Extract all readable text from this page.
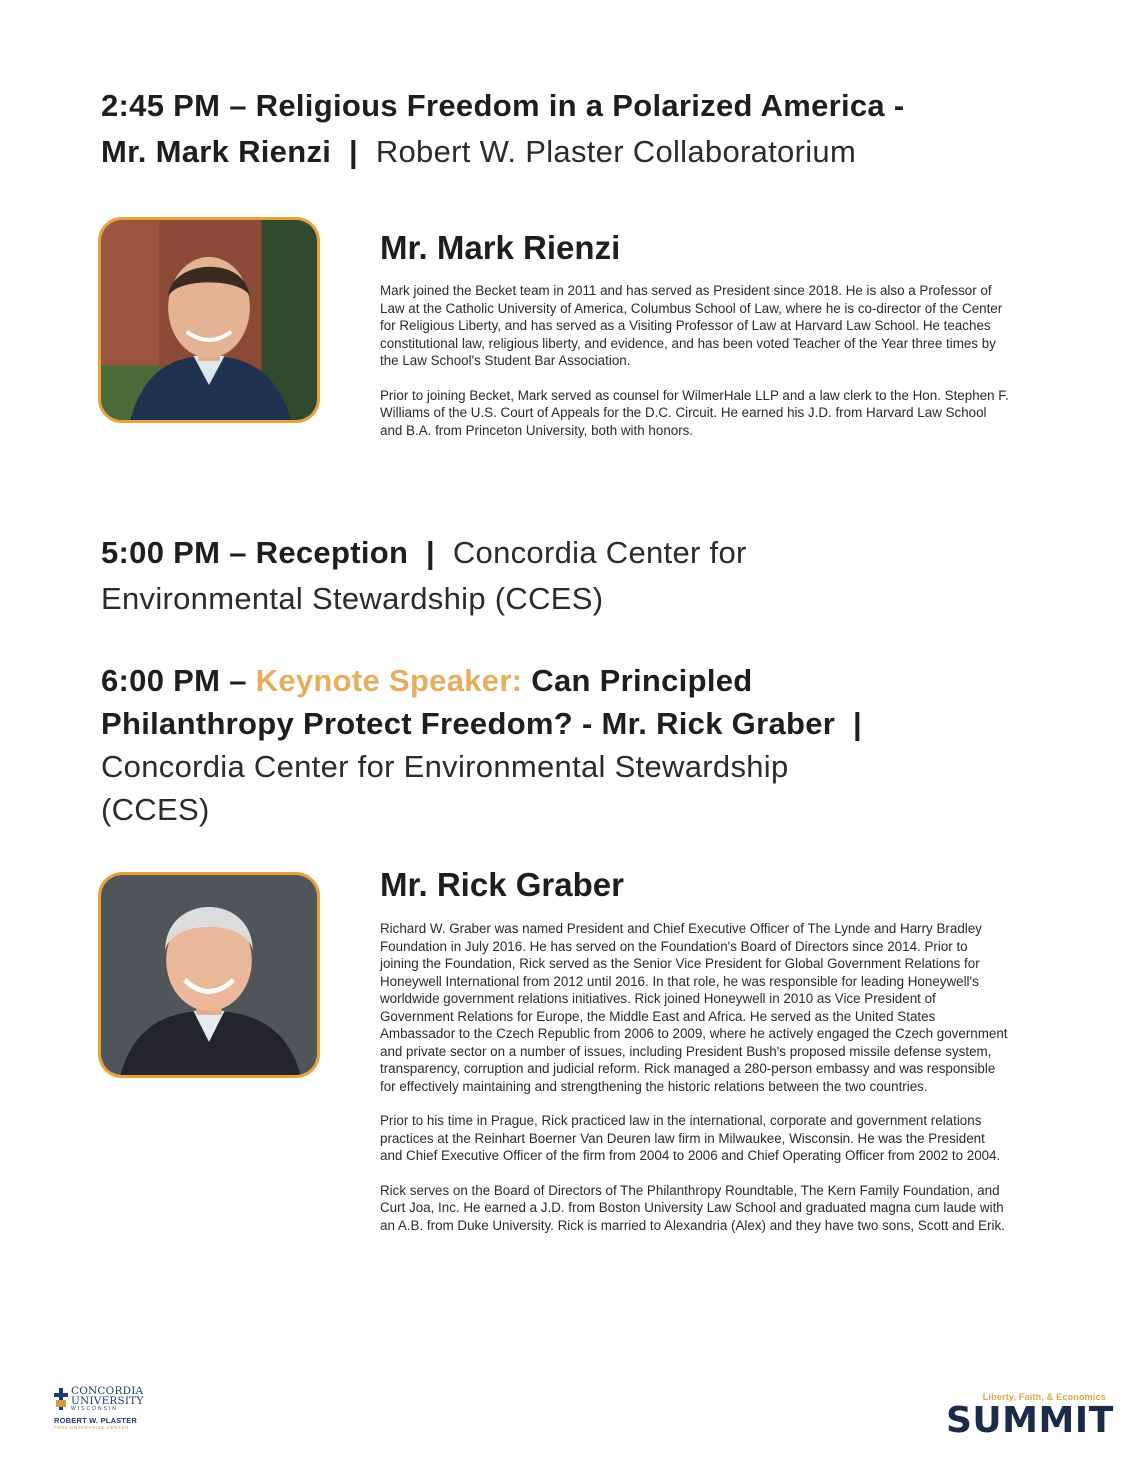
2:45 PM – Religious Freedom in a Polarized America -
Mr. Mark Rienzi | Robert W. Plaster Collaboratorium
Mr. Mark Rienzi

Mark joined the Becket team in 2011 and has served as President since 2018. He is also a Professor of Law at the Catholic University of America, Columbus School of Law, where he is co-director of the Center for Religious Liberty, and has served as a Visiting Professor of Law at Harvard Law School. He teaches constitutional law, religious liberty, and evidence, and has been voted Teacher of the Year three times by the Law School's Student Bar Association.

Prior to joining Becket, Mark served as counsel for WilmerHale LLP and a law clerk to the Hon. Stephen F. Williams of the U.S. Court of Appeals for the D.C. Circuit. He earned his J.D. from Harvard Law School and B.A. from Princeton University, both with honors.

5:00 PM – Reception | Concordia Center for
Environmental Stewardship (CCES)
6:00 PM – Keynote Speaker: Can Principled
Philanthropy Protect Freedom? - Mr. Rick Graber |
Concordia Center for Environmental Stewardship
(CCES)
Mr. Rick Graber

Richard W. Graber was named President and Chief Executive Officer of The Lynde and Harry Bradley Foundation in July 2016. He has served on the Foundation's Board of Directors since 2014. Prior to joining the Foundation, Rick served as the Senior Vice President for Global Government Relations for Honeywell International from 2012 until 2016. In that role, he was responsible for leading Honeywell's worldwide government relations initiatives. Rick joined Honeywell in 2010 as Vice President of Government Relations for Europe, the Middle East and Africa. He served as the United States Ambassador to the Czech Republic from 2006 to 2009, where he actively engaged the Czech government and private sector on a number of issues, including President Bush's proposed missile defense system, transparency, corruption and judicial reform. Rick managed a 280-person embassy and was responsible for effectively maintaining and strengthening the historic relations between the two countries.

Prior to his time in Prague, Rick practiced law in the international, corporate and government relations practices at the Reinhart Boerner Van Deuren law firm in Milwaukee, Wisconsin. He was the President and Chief Executive Officer of the firm from 2004 to 2006 and Chief Operating Officer from 2002 to 2004.

Rick serves on the Board of Directors of The Philanthropy Roundtable, The Kern Family Foundation, and Curt Joa, Inc. He earned a J.D. from Boston University Law School and graduated magna cum laude with an A.B. from Duke University. Rick is married to Alexandria (Alex) and they have two sons, Scott and Erik.

CONCORDIA
UNIVERSITY
WISCONSIN
ROBERT W. PLASTER
FREE ENTERPRISE CENTER
Liberty, Faith, & Economics
SUMMIT
